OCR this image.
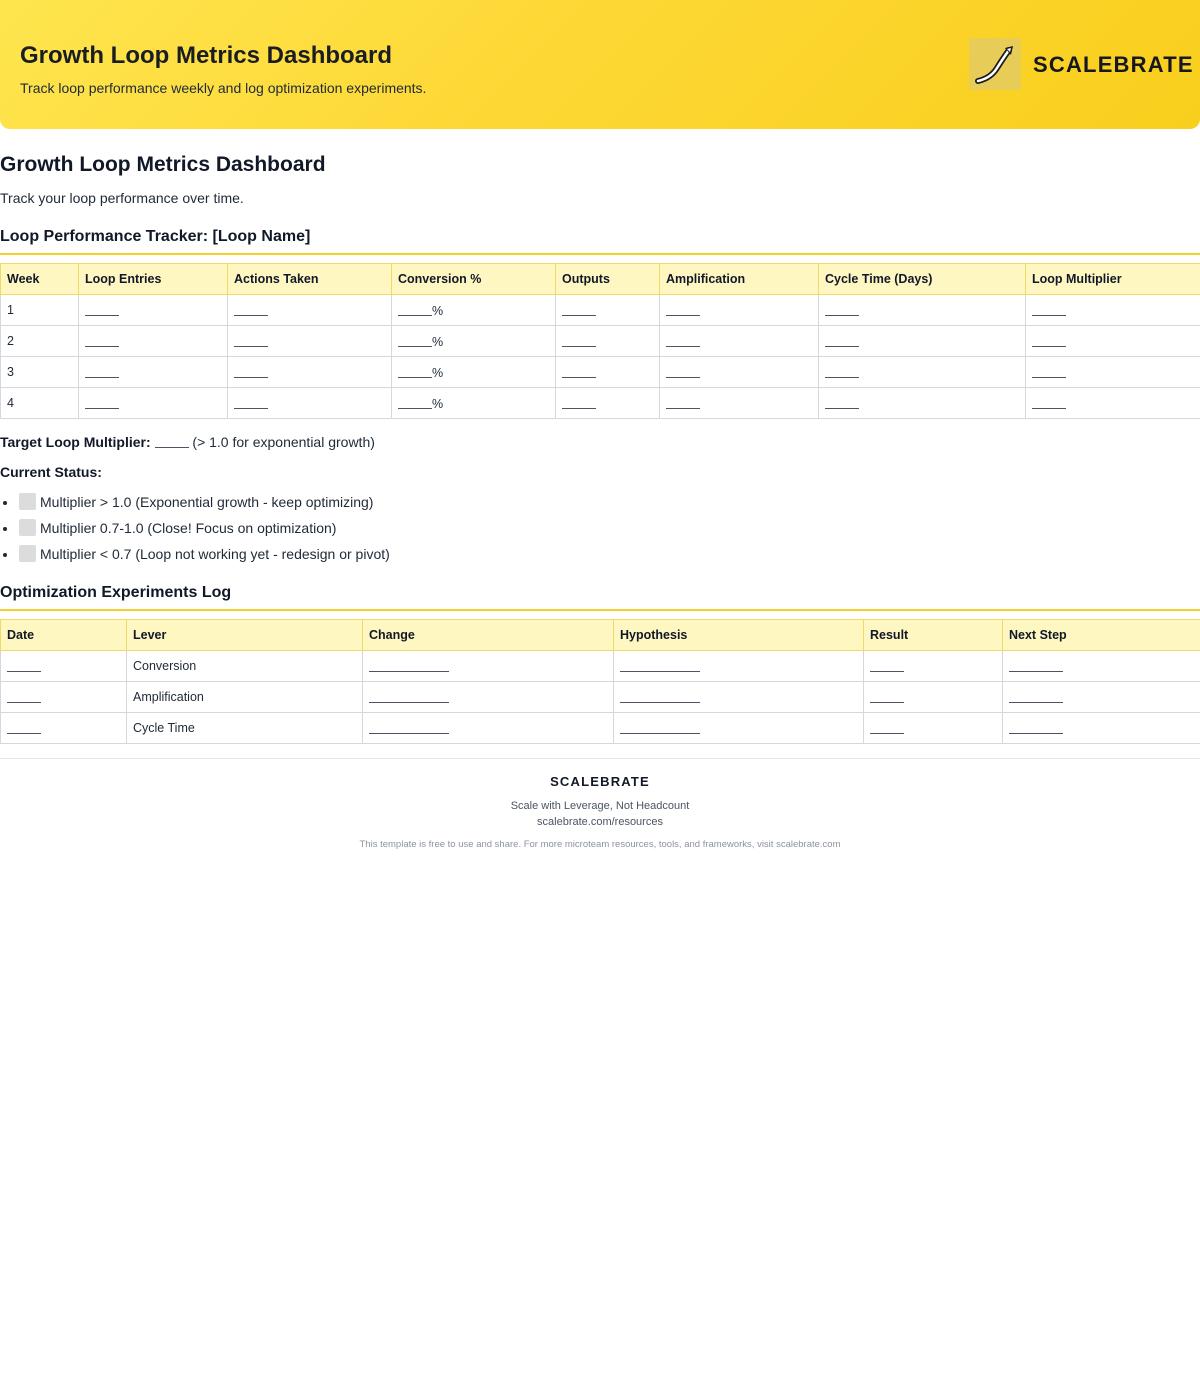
Growth Loop Metrics Dashboard
Track loop performance weekly and log optimization experiments.
SCALEBRATE
Growth Loop Metrics Dashboard
Track your loop performance over time.
Loop Performance Tracker: [Loop Name]
Week	Loop Entries	Actions Taken	Conversion %	Outputs	Amplification	Cycle Time (Days)	Loop Multiplier
1			%				
2			%				
3			%				
4			%				
Target Loop Multiplier:	(> 1.0 for exponential growth)
Current Status:
Multiplier > 1.0 (Exponential growth - keep optimizing)
Multiplier 0.7-1.0 (Close! Focus on optimization)
Multiplier < 0.7 (Loop not working yet - redesign or pivot)
Optimization Experiments Log
Date	Lever	Change	Hypothesis	Result	Next Step
	Conversion				
	Amplification				
	Cycle Time				
SCALEBRATE
Scale with Leverage, Not Headcount
scalebrate.com/resources
This template is free to use and share. For more microteam resources, tools, and frameworks, visit scalebrate.com
